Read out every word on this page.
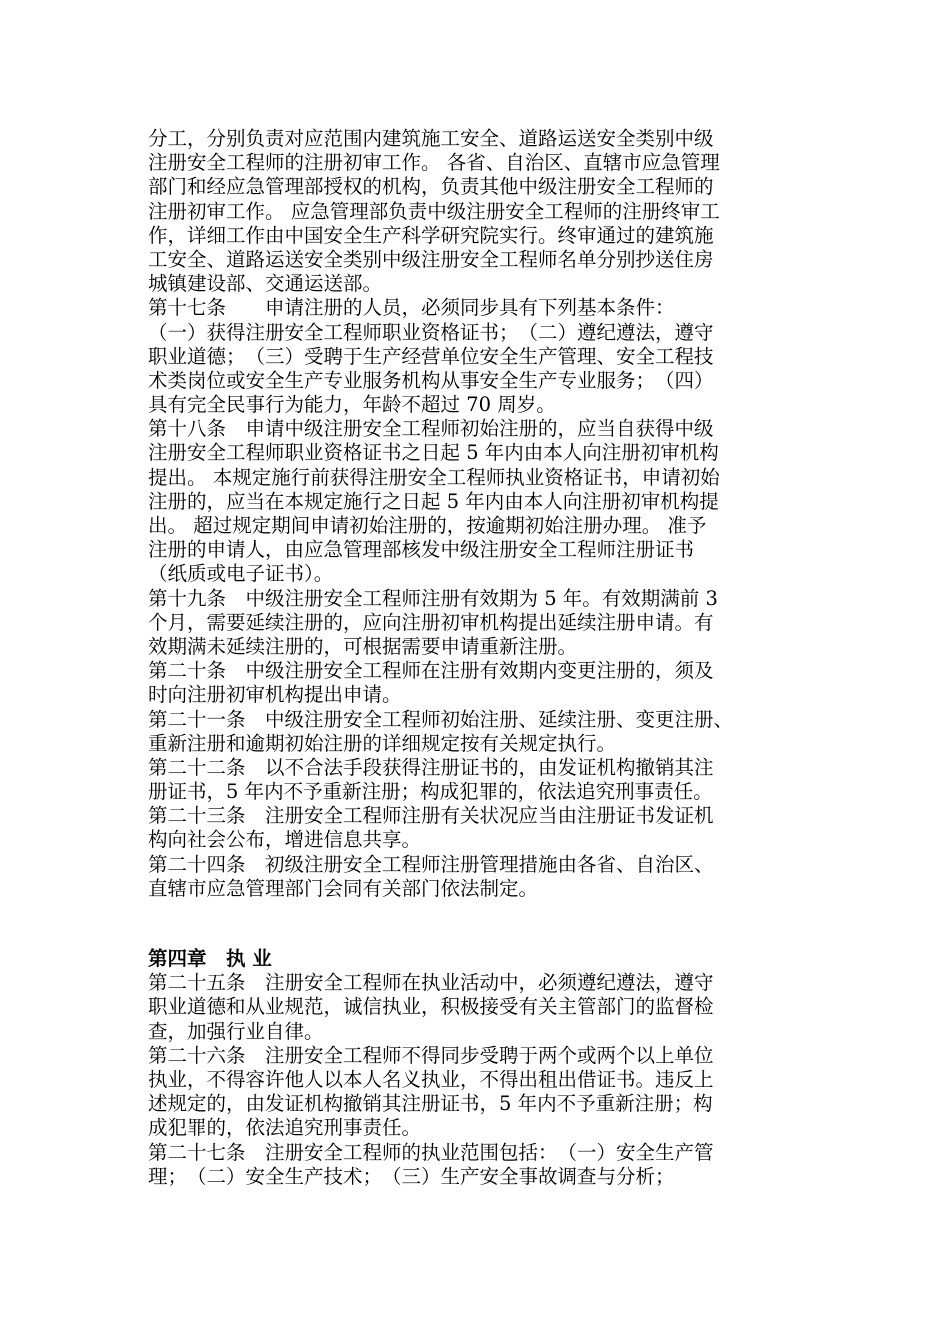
分工，分别负责对应范围内建筑施工安全、道路运送安全类别中级
注册安全工程师的注册初审工作。 各省、自治区、直辖市应急管理
部门和经应急管理部授权的机构，负责其他中级注册安全工程师的
注册初审工作。 应急管理部负责中级注册安全工程师的注册终审工
作，详细工作由中国安全生产科学研究院实行。终审通过的建筑施
工安全、道路运送安全类别中级注册安全工程师名单分别抄送住房
城镇建设部、交通运送部。
第十七条　　申请注册的人员，必须同步具有下列基本条件：
（一）获得注册安全工程师职业资格证书；　（二）遵纪遵法，遵守
职业道德；　（三）受聘于生产经营单位安全生产管理、安全工程技
术类岗位或安全生产专业服务机构从事安全生产专业服务；　（四）
具有完全民事行为能力，年龄不超过 70 周岁。
第十八条　申请中级注册安全工程师初始注册的，应当自获得中级
注册安全工程师职业资格证书之日起 5 年内由本人向注册初审机构
提出。 本规定施行前获得注册安全工程师执业资格证书，申请初始
注册的，应当在本规定施行之日起 5 年内由本人向注册初审机构提
出。 超过规定期间申请初始注册的，按逾期初始注册办理。 准予
注册的申请人，由应急管理部核发中级注册安全工程师注册证书
（纸质或电子证书）。
第十九条　中级注册安全工程师注册有效期为 5 年。有效期满前 3
个月，需要延续注册的，应向注册初审机构提出延续注册申请。有
效期满未延续注册的，可根据需要申请重新注册。
第二十条　中级注册安全工程师在注册有效期内变更注册的，须及
时向注册初审机构提出申请。
第二十一条　中级注册安全工程师初始注册、延续注册、变更注册、
重新注册和逾期初始注册的详细规定按有关规定执行。
第二十二条　以不合法手段获得注册证书的，由发证机构撤销其注
册证书，5 年内不予重新注册；构成犯罪的，依法追究刑事责任。
第二十三条　注册安全工程师注册有关状况应当由注册证书发证机
构向社会公布，增进信息共享。
第二十四条　初级注册安全工程师注册管理措施由各省、自治区、
直辖市应急管理部门会同有关部门依法制定。
第四章　执 业
第二十五条　注册安全工程师在执业活动中，必须遵纪遵法，遵守
职业道德和从业规范，诚信执业，积极接受有关主管部门的监督检
查，加强行业自律。
第二十六条　注册安全工程师不得同步受聘于两个或两个以上单位
执业，不得容许他人以本人名义执业，不得出租出借证书。违反上
述规定的，由发证机构撤销其注册证书，5 年内不予重新注册；构
成犯罪的，依法追究刑事责任。
第二十七条　注册安全工程师的执业范围包括：　（一）安全生产管
理；　（二）安全生产技术；　（三）生产安全事故调查与分析；
